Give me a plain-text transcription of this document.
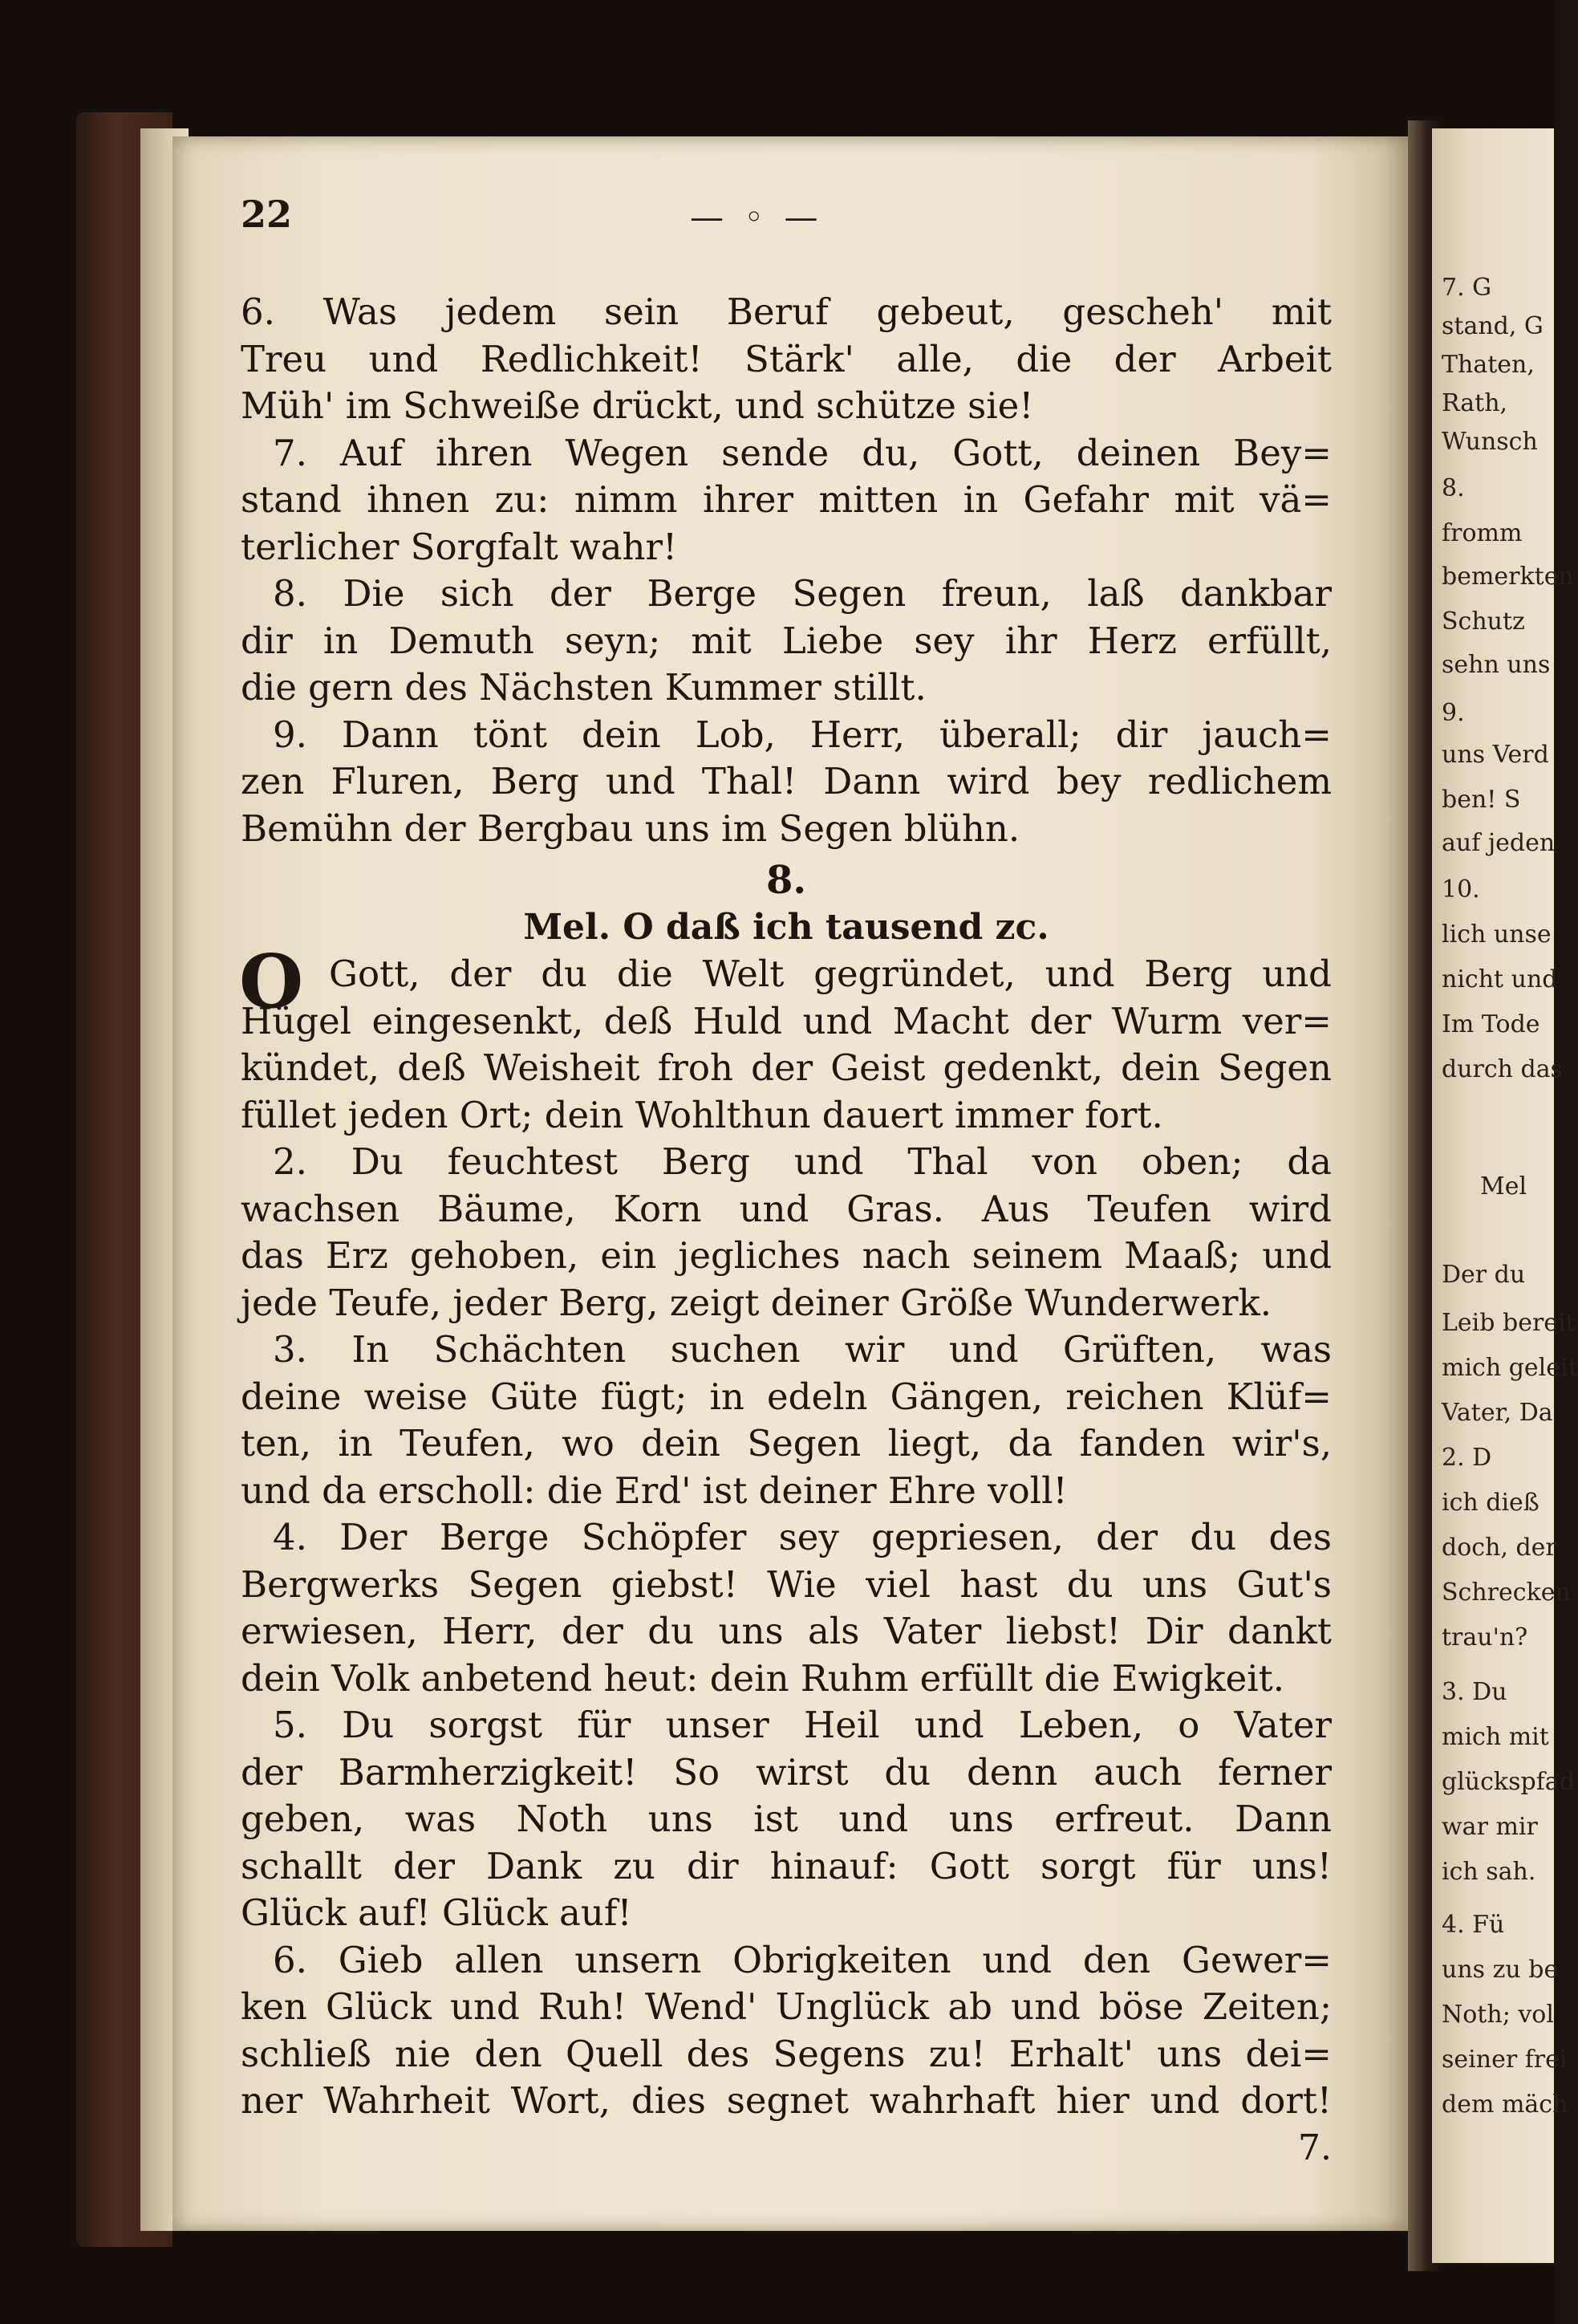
22	— ◦ —
6. Was jedem sein Beruf gebeut, gescheh' mit
Treu und Redlichkeit! Stärk' alle, die der Arbeit
Müh' im Schweiße drückt, und schütze sie!
7. Auf ihren Wegen sende du, Gott, deinen Bey=
stand ihnen zu: nimm ihrer mitten in Gefahr mit vä=
terlicher Sorgfalt wahr!
8. Die sich der Berge Segen freun, laß dankbar
dir in Demuth seyn; mit Liebe sey ihr Herz erfüllt,
die gern des Nächsten Kummer stillt.
9. Dann tönt dein Lob, Herr, überall; dir jauch=
zen Fluren, Berg und Thal! Dann wird bey redlichem
Bemühn der Bergbau uns im Segen blühn.
8.
Mel. O daß ich tausend zc.
O Gott, der du die Welt gegründet, und Berg und
Hügel eingesenkt, deß Huld und Macht der Wurm ver=
kündet, deß Weisheit froh der Geist gedenkt, dein Segen
füllet jeden Ort; dein Wohlthun dauert immer fort.
2. Du feuchtest Berg und Thal von oben; da
wachsen Bäume, Korn und Gras. Aus Teufen wird
das Erz gehoben, ein jegliches nach seinem Maaß; und
jede Teufe, jeder Berg, zeigt deiner Größe Wunderwerk.
3. In Schächten suchen wir und Grüften, was
deine weise Güte fügt; in edeln Gängen, reichen Klüf=
ten, in Teufen, wo dein Segen liegt, da fanden wir's,
und da erscholl: die Erd' ist deiner Ehre voll!
4. Der Berge Schöpfer sey gepriesen, der du des
Bergwerks Segen giebst! Wie viel hast du uns Gut's
erwiesen, Herr, der du uns als Vater liebst! Dir dankt
dein Volk anbetend heut: dein Ruhm erfüllt die Ewigkeit.
5. Du sorgst für unser Heil und Leben, o Vater
der Barmherzigkeit! So wirst du denn auch ferner
geben, was Noth uns ist und uns erfreut. Dann
schallt der Dank zu dir hinauf: Gott sorgt für uns!
Glück auf! Glück auf!
6. Gieb allen unsern Obrigkeiten und den Gewer=
ken Glück und Ruh! Wend' Unglück ab und böse Zeiten;
schließ nie den Quell des Segens zu! Erhalt' uns dei=
ner Wahrheit Wort, dies segnet wahrhaft hier und dort!
7.
7. G
stand, G
Thaten,
Rath,
Wunsch
8.
fromm
bemerkten
Schutz
sehn uns
9.
uns Verd
ben! S
auf jeden
10.
lich unse
nicht und
Im Tode
durch das
Mel
Der du
Leib bereit
mich geleit
Vater, Da
2. D
ich dieß
doch, der
Schrecken
trau'n?
3. Du
mich mit
glückspfad
war mir
ich sah.
4. Fü
uns zu be
Noth; vol
seiner frei
dem mäch
